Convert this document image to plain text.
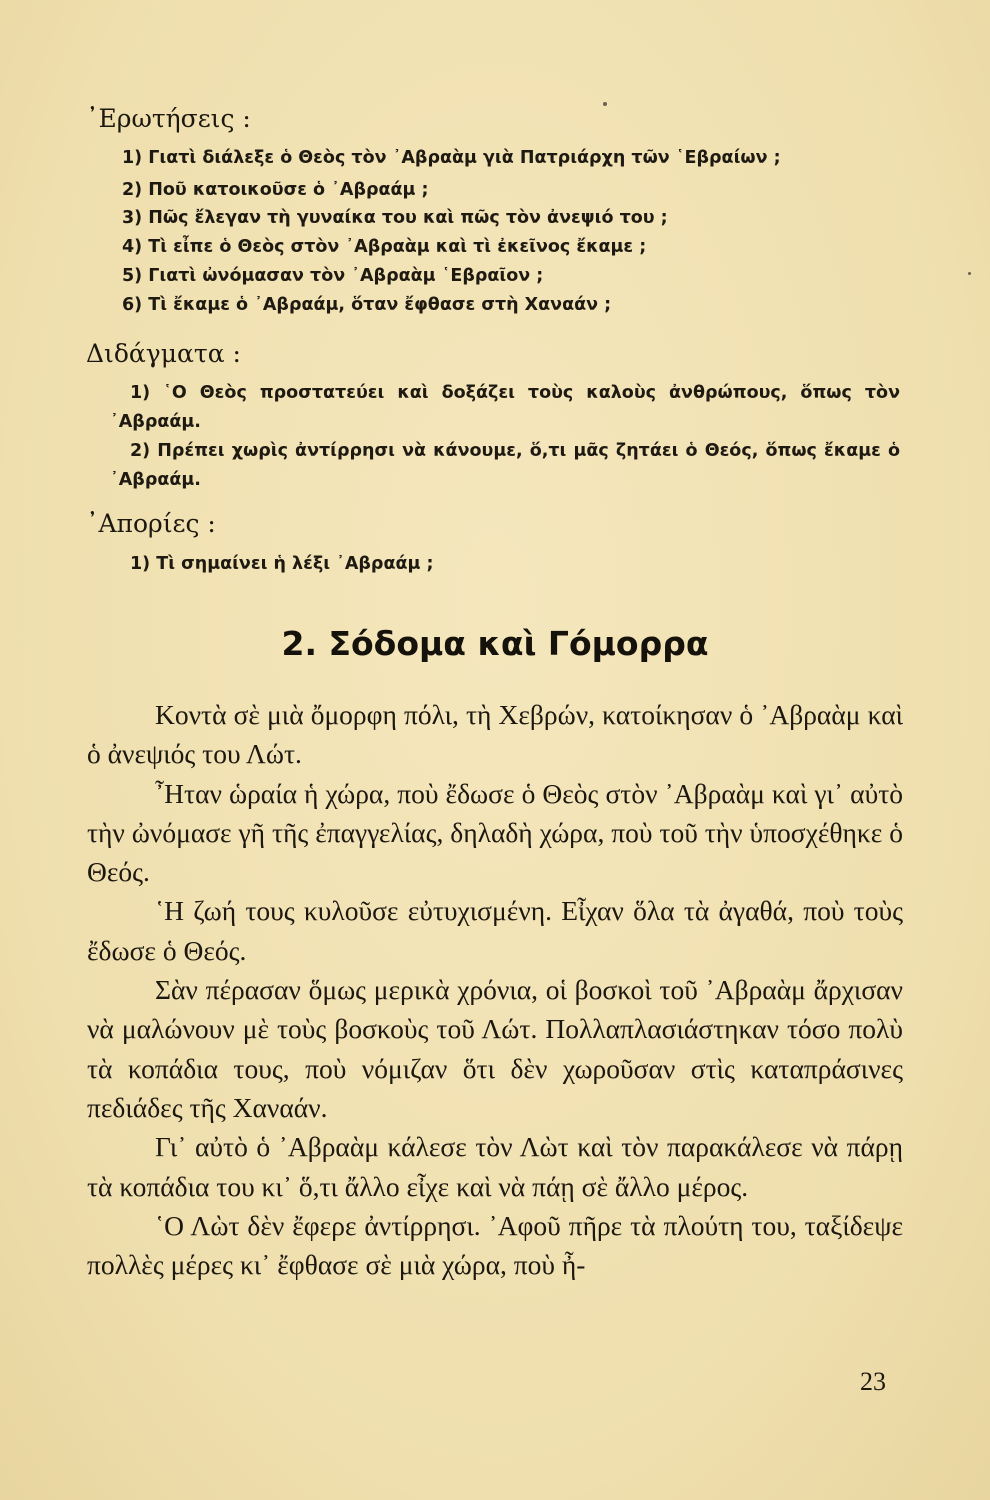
᾿Ερωτήσεις :
1) Γιατὶ διάλεξε ὁ Θεὸς τὸν ᾿Αβραὰμ γιὰ Πατριάρχη τῶν ῾Εβραίων ;
2) Ποῦ κατοικοῦσε ὁ ᾿Αβραάμ ;
3) Πῶς ἔλεγαν τὴ γυναίκα του καὶ πῶς τὸν ἀνεψιό του ;
4) Τὶ εἶπε ὁ Θεὸς στὸν ᾿Αβραὰμ καὶ τὶ ἐκεῖνος ἔκαμε ;
5) Γιατὶ ὠνόμασαν τὸν ᾿Αβραὰμ ῾Εβραῖον ;
6) Τὶ ἔκαμε ὁ ᾿Αβραάμ, ὅταν ἔφθασε στὴ Χαναάν ;
Διδάγματα :
1) ῾Ο Θεὸς προστατεύει καὶ δοξάζει τοὺς καλοὺς ἀνθρώπους, ὅπως τὸν ᾿Αβραάμ.
2) Πρέπει χωρὶς ἀντίρρησι νὰ κάνουμε, ὅ,τι μᾶς ζητάει ὁ Θεός, ὅπως ἔκαμε ὁ ᾿Αβραάμ.
᾿Απορίες :
1) Τὶ σημαίνει ἡ λέξι ᾿Αβραάμ ;
2. Σόδομα καὶ Γόμορρα

Κοντὰ σὲ μιὰ ὄμορφη πόλι, τὴ Χεβρών, κατοίκησαν ὁ ᾿Αβραὰμ καὶ ὁ ἀνεψιός του Λώτ.

῏Ηταν ὡραία ἡ χώρα, ποὺ ἔδωσε ὁ Θεὸς στὸν ᾿Αβραὰμ καὶ γι᾿ αὐτὸ τὴν ὠνόμασε γῆ τῆς ἐπαγγελίας, δηλαδὴ χώρα, ποὺ τοῦ τὴν ὑποσχέθηκε ὁ Θεός.

῾Η ζωή τους κυλοῦσε εὐτυχισμένη. Εἶχαν ὅλα τὰ ἀγαθά, ποὺ τοὺς ἔδωσε ὁ Θεός.

Σὰν πέρασαν ὅμως μερικὰ χρόνια, οἱ βοσκοὶ τοῦ ᾿Αβραὰμ ἄρχισαν νὰ μαλώνουν μὲ τοὺς βοσκοὺς τοῦ Λώτ. Πολλαπλασιάστηκαν τόσο πολὺ τὰ κοπάδια τους, ποὺ νόμιζαν ὅτι δὲν χωροῦσαν στὶς καταπράσινες πεδιάδες τῆς Χαναάν.

Γι᾿ αὐτὸ ὁ ᾿Αβραὰμ κάλεσε τὸν Λὼτ καὶ τὸν παρακάλεσε νὰ πάρῃ τὰ κοπάδια του κι᾿ ὅ,τι ἄλλο εἶχε καὶ νὰ πάῃ σὲ ἄλλο μέρος.

῾Ο Λὼτ δὲν ἔφερε ἀντίρρησι. ᾿Αφοῦ πῆρε τὰ πλούτη του, ταξίδεψε πολλὲς μέρες κι᾿ ἔφθασε σὲ μιὰ χώρα, ποὺ ἦ-

23
